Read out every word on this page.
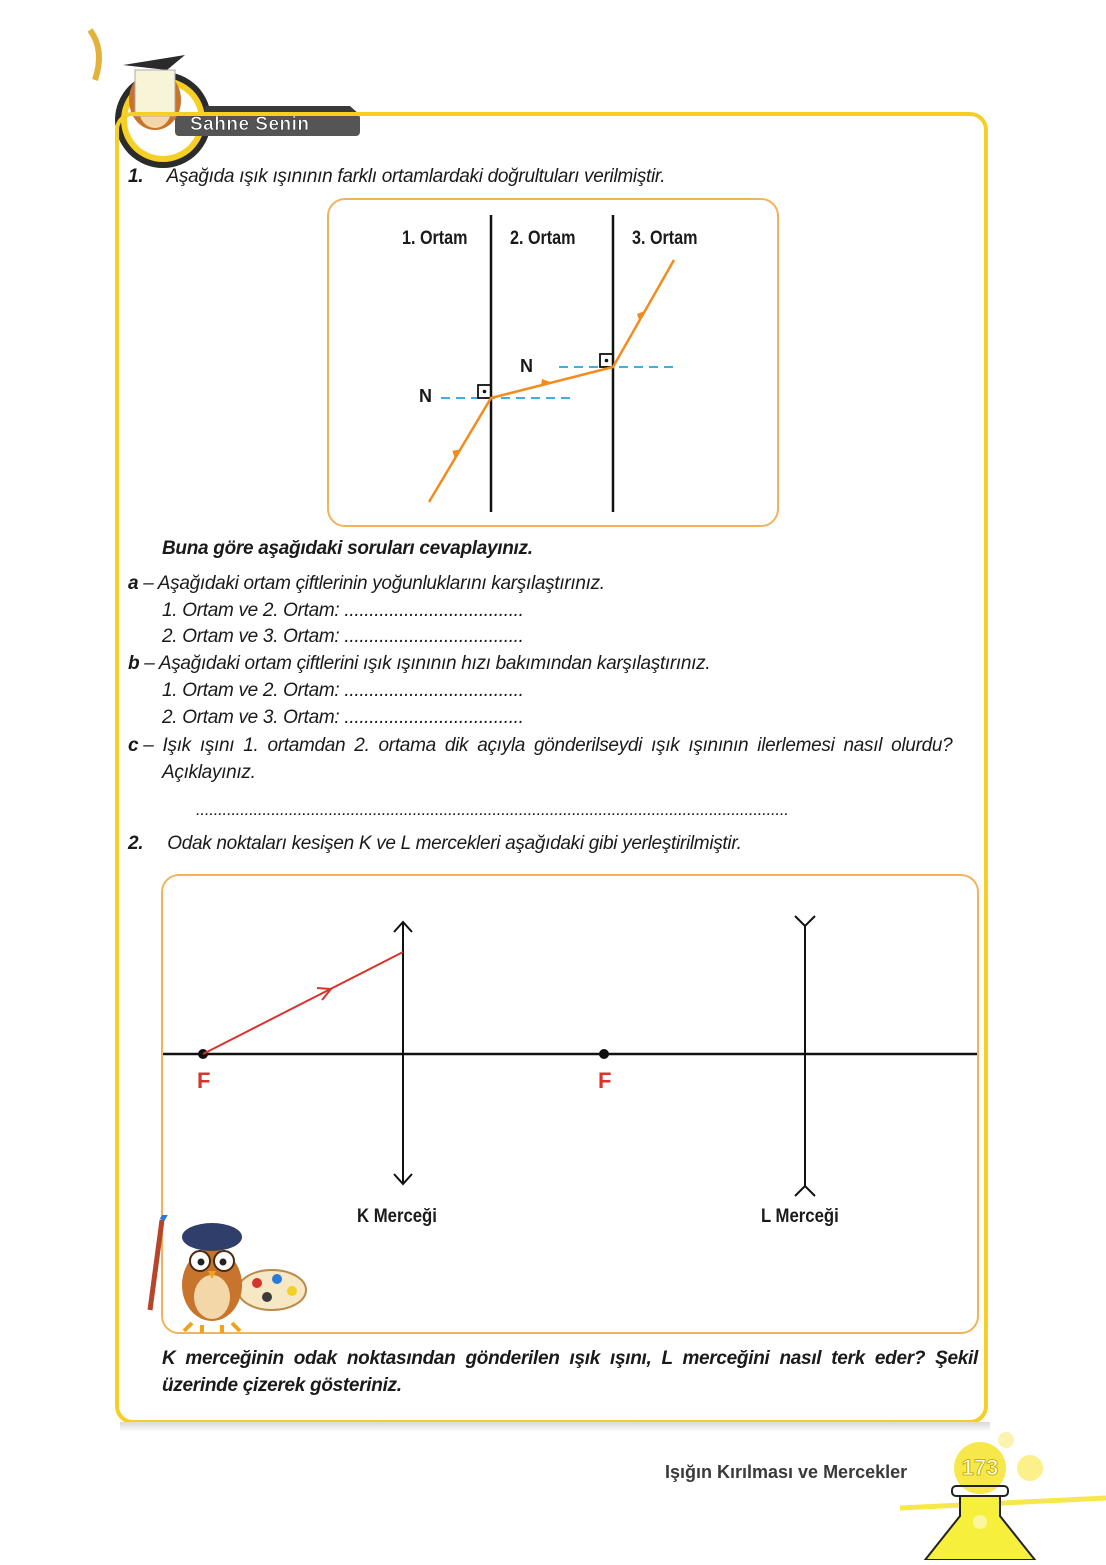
Sahne Senin
1. Aşağıda ışık ışınının farklı ortamlardaki doğrultuları verilmiştir.
1. Ortam 2. Ortam	3. Ortam
N
N
Buna göre aşağıdaki soruları cevaplayınız.
a – Aşağıdaki ortam çiftlerinin yoğunluklarını karşılaştırınız.
1. Ortam ve 2. Ortam: ....................................
2. Ortam ve 3. Ortam: ....................................
b – Aşağıdaki ortam çiftlerini ışık ışınının hızı bakımından karşılaştırınız.
1. Ortam ve 2. Ortam: ....................................
2. Ortam ve 3. Ortam: ....................................
c – Işık ışını 1. ortamdan 2. ortama dik açıyla gönderilseydi ışık ışınının ilerlemesi nasıl olurdu?
Açıklayınız.
......................................................................................................................................
2. Odak noktaları kesişen K ve L mercekleri aşağıdaki gibi yerleştirilmiştir.
F	F
K Merceği	L Merceği
K merceğinin odak noktasından gönderilen ışık ışını, L merceğini nasıl terk eder? Şekil
üzerinde çizerek gösteriniz.
Işığın Kırılması ve Mercekler	173
